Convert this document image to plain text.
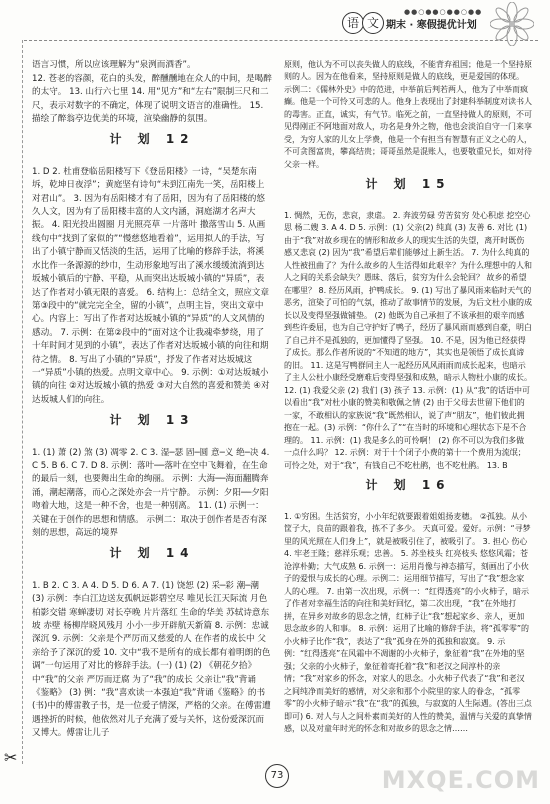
语 文
●●○●●○●●○●●
期末 · 寒假提优计划

语言习惯，所以应该理解为“泉洌而酒香”。
12. 苍老的容颜，花白的头发，醉醺醺地在众人的中间，是喝醉的太守。 13. 山行六七里 14. 用“见方”和“左右”限制三尺和二尺，表示对数字的不确定，体现了说明文语言的准确性。 15. 描绘了醉翁亭边优美的环境，渲染幽静的氛围。

计 划 12

1. D 2. 杜甫登临岳阳楼写下《登岳阳楼》一诗，“吴楚东南坼，乾坤日夜浮”；黄庭坚有诗句“未到江南先一笑，岳阳楼上对君山”。 3. 因为有岳阳楼才有了岳阳，因为有了岳阳楼的悠久人文，因为有了岳阳楼丰富的人文内涵，洞庭湖才名声大振。 4. 阳光投出圆圈 月光照亮草 一片落叶 撒落雪山 5. 从画线句中“找到了家似的”“慢慈悠地看着”，运用拟人的手法，写出了小镇宁静而又恬淡的生活，运用了比喻的修辞手法，将溪水比作一条源源的纱巾，生动形象地写出了溪水缓缓流淌到达坂城小镇后的宁静、平稳，从而突出达坂城小镇的“异质”，表达了作者对小镇无限的喜爱。 6. 结构上：总结全文，照应文章第③段中的“就完完全全，留的小镇”，点明主旨，突出文章中心。内容上：写出了作者对达坂城小镇的“异质”的人文风情的感动。 7. 示例：在第②段中的“面对这个让我魂牵梦绕，用了十年时间才见到的小镇”，表达了作者对达坂城小镇的向往和期待之情。 8. 写出了小镇的“异质”，抒发了作者对达坂城这一“异质”小镇的热爱。点明文章中心。 9. 示例：①对达坂城小镇的向往 ②对达坂城小镇的热爱 ③对大自然的喜爱和赞美 ④对达坂城人们的向往。

计 划 13

1. (1) 萧 (2) 煞 (3) 凋零 2. C 3. 湿─瑟 固─圆 意─义 绝─决 4. C 5. B 6. C 7. D 8. 示例：落叶──落叶在空中飞舞着，在生命的最后一刻，也要舞出生命的绚丽。 示例：大海──海面翻腾奔涌，潮起潮落，而心之深处亦会一片宁静。 示例：夕阳──夕阳吻着大地，这是一种不舍，也是一种别离。 11. (1) 示例一：关键在于创作的思想和情感。 示例二：取决于创作者是否有深刻的思想，高远的境界

计 划 14

1. B 2. C 3. A 4. D 5. D 6. A 7. (1) 饶恕 (2) 采─彩 潮─潮 (3) 示例：李白江边送友孤帆远影碧空尽 唯见长江天际流 月色柏影交错 寒蝉凄切 对长亭晚 片片落红 生命的华美 苏轼诗意东坡 赤壁 杨柳岸晓风残月 小小一步开辟航天新篇 8. 示例：忠诚 深沉 9. 示例：父亲是个严厉而又慈爱的人 在作者的成长中 父亲给予了深沉的爱 10. 文中“我不是所有的成长都有着明朗的色调”一句运用了对比的修辞手法。(一) (1) (2) 《朝花夕拾》中“我”的父亲 严厉而迂腐 为了“我”的成长 父亲让“我”背诵《鉴略》 (3) 例：“我”喜欢读一本强迫“我”背诵《鉴略》的书(书)中的傅雷教子书，是一位爱子情深，严格的父亲。在傅雷遭遇挫折的时候，他依然对儿子充满了爱与关怀，这份爱深沉而又博大。傅雷让儿子

原则，他认为不可以丧失做人的底线，不能背弃祖国；他是一个坚持原则的人。因为在他看来，坚持原则是做人的底线，更是爱国的体现。 示例二：《儒林外史》中的范进，中举前后判若两人，他为了中举而疯癫。他是一个可怜又可悲的人。他身上表现出了封建科举制度对读书人的毒害。正直，诚实，有气节。临死之前，一直坚持做人的原则，不可见得刚正不阿地面对敌人，功名是身外之物，他也会淡泊自守一门来享受，为穷人家的儿女上学费，他是一个有担当有智慧有正义之心的人，不可贪图富贵，攀高结贵；哥哥虽然是混账人，也要敬重兄长，如对待父亲一样。

计 划 15

1. 惆然，无伤，悲哀，隶虐。 2. 奔波劳碌 劳苦贫穷 处心积虑 挖空心思 杨二嫂 3. A 4. D 5. 示例：(1) 父亲(2) 纯真 (3) 友善 6. 对比 (1) 由于“我”对故乡现在的情形和故乡人的现实生活的失望，离开时既伤感又悲哀 (2) 因为“我”希望后辈们能够过上新生活。 7. 为什么纯真的人性被扭曲了？为什么故乡的人生活得如此艰辛？为什么理想中的人和人之间的关系会缺失？愚昧、落后，贫穷为什么会轮回？ 故乡的希望在哪里？ 8. 经历风雨，护鸭成长。 9. (1) 写出了暴风雨来临时天气的恶劣，渲染了可怕的气氛，推动了故事情节的发展，为后文杜小康的成长以及变得坚强做铺垫。 (2) 他既为自己承担了不该承担的艰辛而感到些许委屈，也为自己守护好了鸭子，经历了暴风雨而感到自豪，明白了自己并不是孤独的，更加懂得了坚强。 10. 不是，因为他已经获得了成长。那么作者所说的“不知道的地方”，其实也是领悟了成长真谛的旧。 11. 这是写鸭群同主人一起经历风风雨雨而成长起来，也暗示了主人公杜小康经受磨难后变得坚强和成熟，暗示人物杜小康的成长。 12. (1) 我爱父亲 (2) 我们 (3) 孩子 13. 示例：(1) 从“我”的话语中可以看出“我”对杜小康的赞美和敬佩之情 (2) 由于父母去世留下他们的一家，不敢相认的家族说“我”既然相认，说了声“朋友”，他们彼此拥抱在一起。(3) 示例：“你什么了”“在当时的环境和心理状态下是不合理的。 11. 示例：(1) 我是多么的可怜啊！ (2) 你不可以为我们多做一点什么吗？ 12. 示例：对于十个闭子小费的第十一个费用为流氓；可怜之处，对于“我”，有钱自己不吃杜鹃，也不吃杜鹃。 13. B

计 划 16

1. ①穷困。生活贫穷，小小年纪就要跟着姐姐扬麦穗。 ②孤独。从小筐子大，良苗的跟着我，拣不了多少。 天真可爱。爱好。示例：“寻梦里的风光照在人们身上”，就是被吸引住了，被吸引了。 3. 担心 伤心 4. 牢老王隆；慈祥乐观；忠善。 5. 苏坐枝头 红亮枝头 悠悠风霜；苍沧淳朴勤；大气成熟 6. 示例一：运用肖像与神态描写，刻画出了小伙子的爱恨与成长的心理。示例二：运用细节描写，写出了“我”想念家人的心理。 7. 由第一次出现，示例一：“红得透亮”的小火柿子，暗示了作者对幸福生活的向往和美好回忆，第二次出现，“我”在外地打拼，在异乡对故乡的思念之情，红柿子让“我”想起家乡、亲人，更加思念故乡的人和事。 8. 示例：运用了比喻的修辞手法，将“孤零零”的小火柿子比作“我”，表达了“我”孤身在外的孤独和寂寞。 9. 示例：“红得透亮”在风霜中不凋谢的小火柿子，象征着“我”在外地的坚强；父亲的小火柿子，象征着寄托着“我”和老汉之间淳朴的亲情；“我”对家乡的怀念，对家人的思念。小火柿子代表了“我”和老汉之间纯净而美好的感情，对父亲和那个小院里的家人的眷念，“孤零零”的小火柿子暗示“我”在“我”的孤独，与寂寞的人生际遇。(答出三点即可) 6. 对人与人之间朴素而美好的人性的赞美，温情与关爱的真挚情感，以及对童年时光的怀念和对故乡的思念之情……

✂
73	MXQE.COM
